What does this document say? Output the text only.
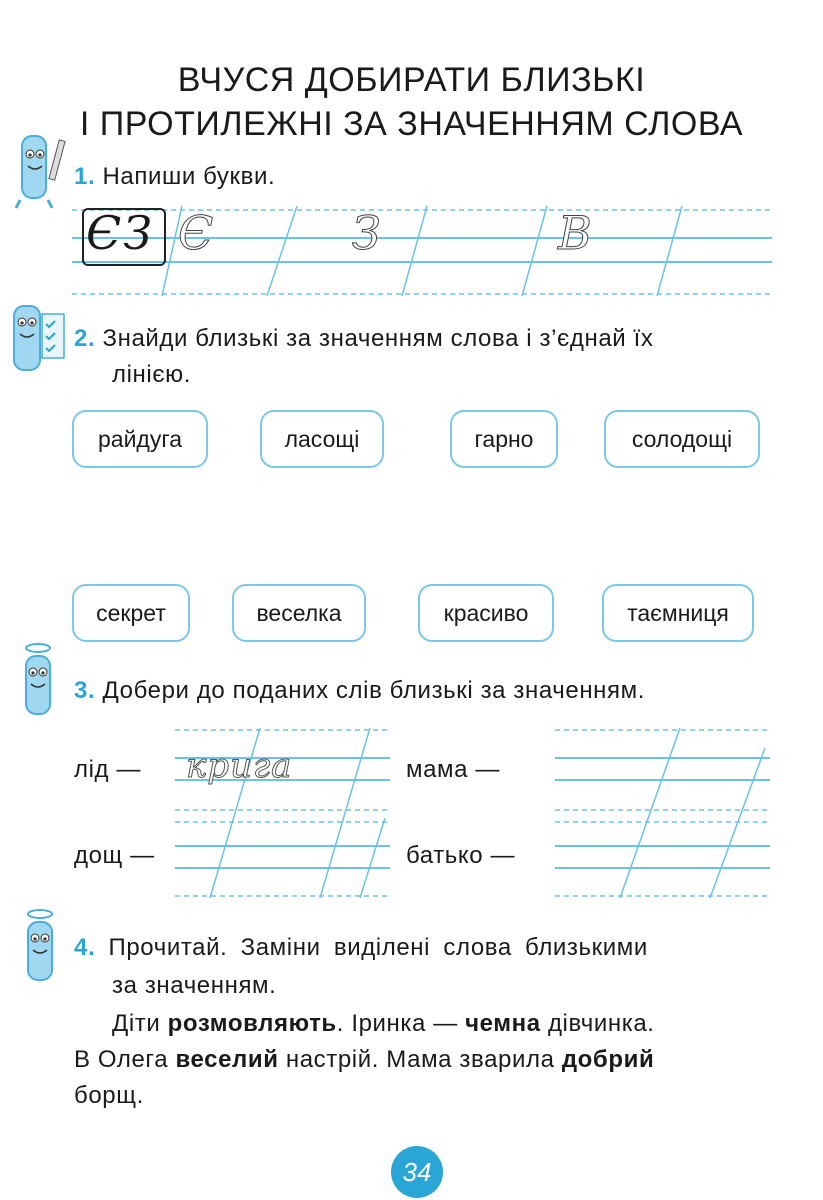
ВЧУСЯ ДОБИРАТИ БЛИЗЬКІ
І ПРОТИЛЕЖНІ ЗА ЗНАЧЕННЯМ СЛОВА
1. Напиши букви.
ЄЗ Є	З	В
2. Знайди близькі за значенням слова і з’єднай їх
лінією.
райдуга	ласощі	гарно	солодощі
секрет	веселка	красиво	таємниця
3. Добери до поданих слів близькі за значенням.
лід — крига	мама —
дощ —	батько —
4. Прочитай. Заміни виділені слова близькими
за значенням.
Діти розмовляють. Іринка — чемна дівчинка.
В Олега веселий настрій. Мама зварила добрий
борщ.
34
